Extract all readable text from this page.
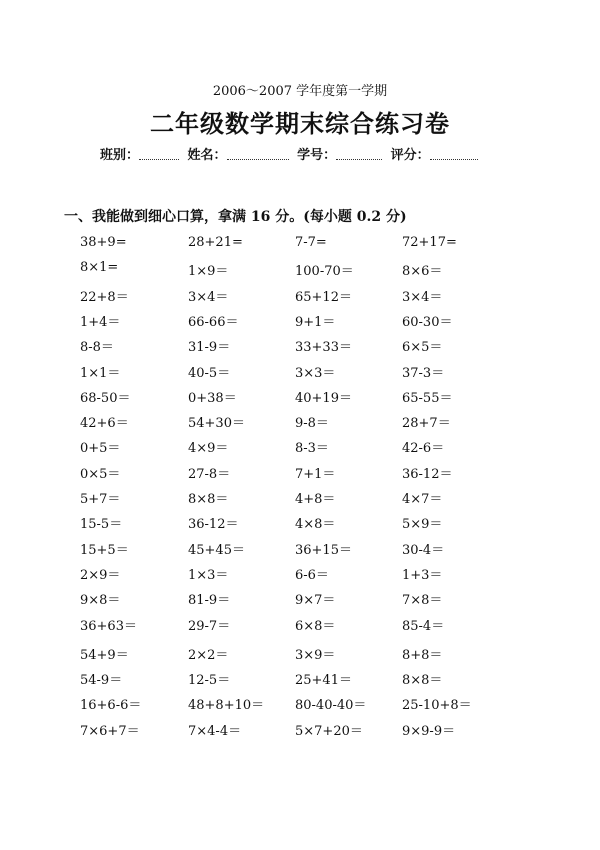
2006～2007 学年度第一学期
二年级数学期末综合练习卷
班别：	姓名：	学号：	评分：
一、我能做到细心口算，拿满 16 分。(每小题 0.2 分)
38+9=	28+21=	7-7=	72+17=
8×1=	1×9＝	100-70＝	8×6＝
22+8＝	3×4＝	65+12＝	3×4＝
1+4＝	66-66＝	9+1＝	60-30＝
8-8＝	31-9＝	33+33＝	6×5＝
1×1＝	40-5＝	3×3＝	37-3＝
68-50＝	0+38＝	40+19＝	65-55＝
42+6＝	54+30＝	9-8＝	28+7＝
0+5＝	4×9＝	8-3＝	42-6＝
0×5＝	27-8＝	7+1＝	36-12＝
5+7＝	8×8＝	4+8＝	4×7＝
15-5＝	36-12＝	4×8＝	5×9＝
15+5＝	45+45＝	36+15＝	30-4＝
2×9＝	1×3＝	6-6＝	1+3＝
9×8＝	81-9＝	9×7＝	7×8＝
36+63＝	29-7＝	6×8＝	85-4＝
54+9＝	2×2＝	3×9＝	8+8＝
54-9＝	12-5＝	25+41＝	8×8＝
16+6-6＝	48+8+10＝ 80-40-40＝	25-10+8＝
7×6+7＝	7×4-4＝	5×7+20＝	9×9-9＝
